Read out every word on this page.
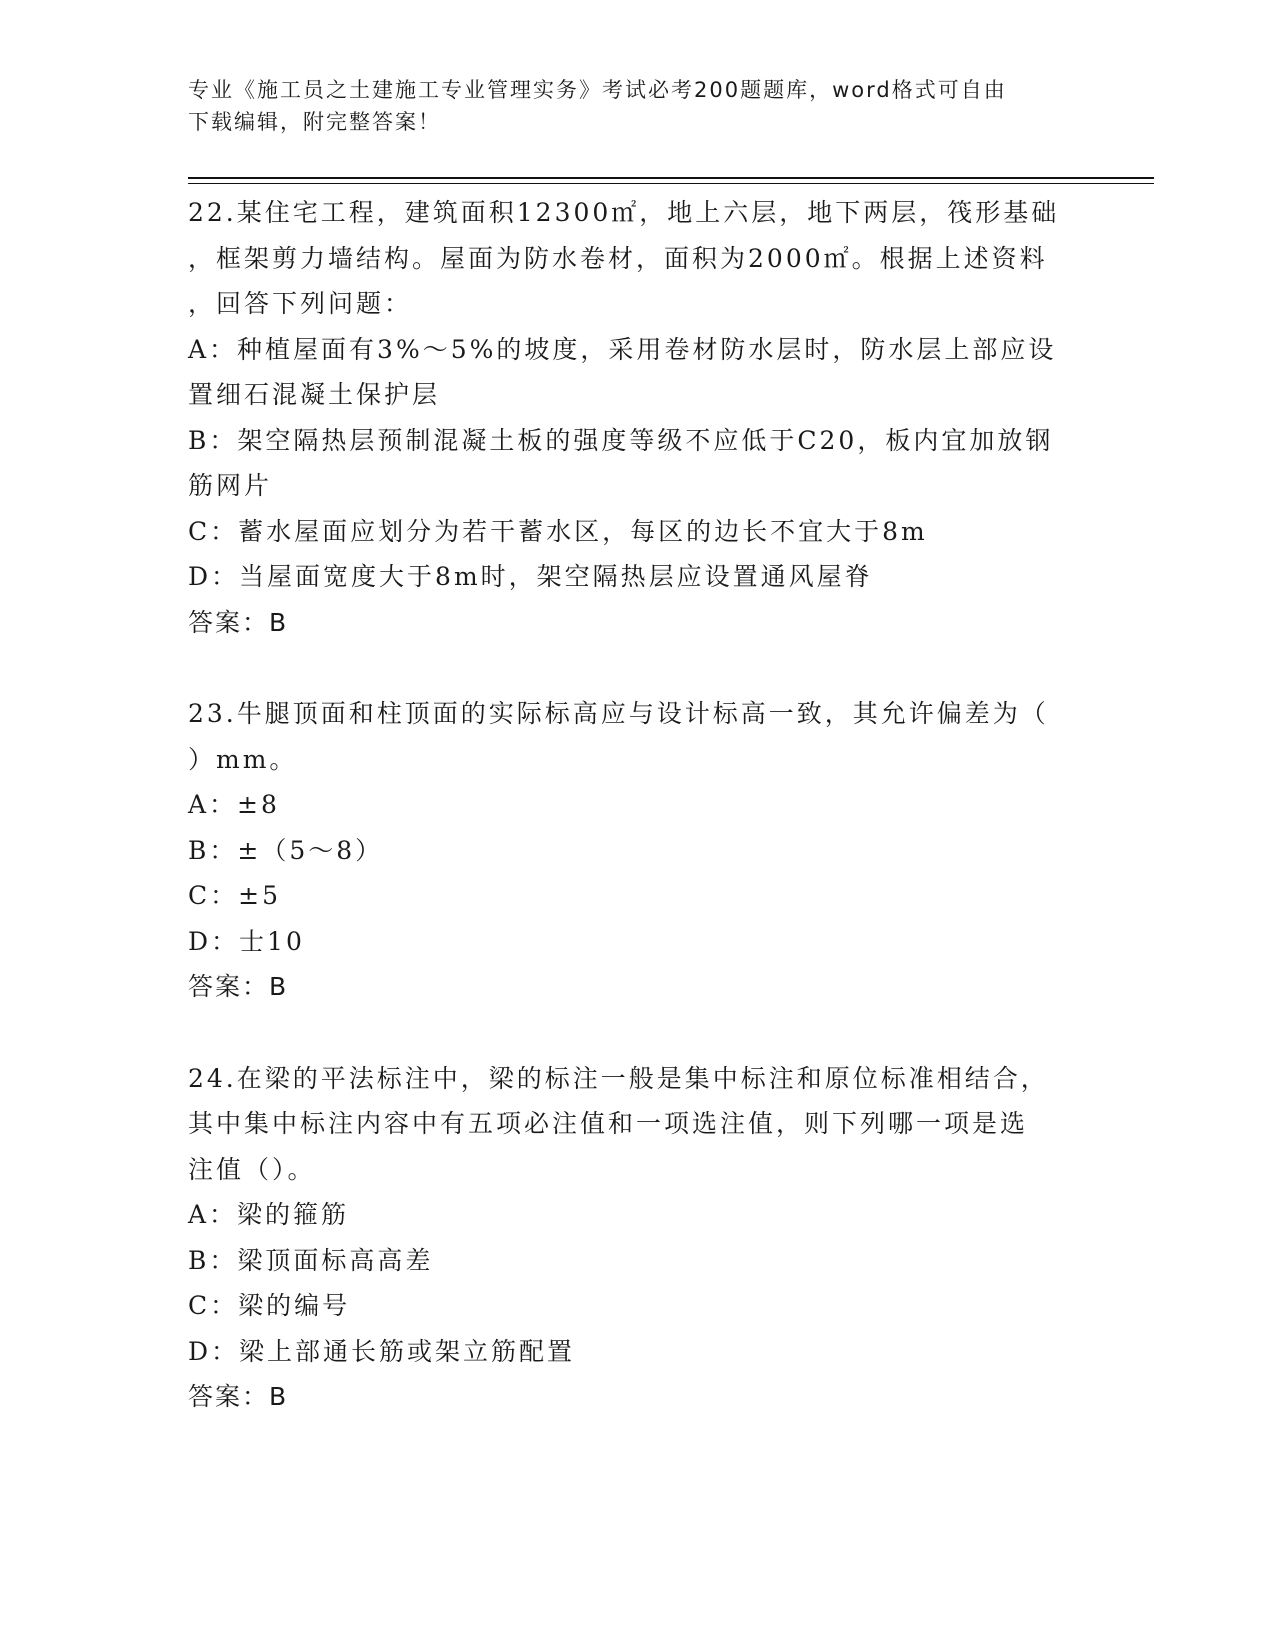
专业《施工员之土建施工专业管理实务》考试必考200题题库，word格式可自由
下载编辑，附完整答案！
22.某住宅工程，建筑面积12300㎡，地上六层，地下两层，筏形基础
，框架剪力墙结构。屋面为防水卷材，面积为2000㎡。根据上述资料
，回答下列问题：
A：种植屋面有3%～5%的坡度，采用卷材防水层时，防水层上部应设
置细石混凝土保护层
B：架空隔热层预制混凝土板的强度等级不应低于C20，板内宜加放钢
筋网片
C：蓄水屋面应划分为若干蓄水区，每区的边长不宜大于8m
D：当屋面宽度大于8m时，架空隔热层应设置通风屋脊
答案：B
23.牛腿顶面和柱顶面的实际标高应与设计标高一致，其允许偏差为（
）mm。
A：±8
B：±（5～8）
C：±5
D：士10
答案：B
24.在梁的平法标注中，梁的标注一般是集中标注和原位标准相结合，
其中集中标注内容中有五项必注值和一项选注值，则下列哪一项是选
注值（）。
A：梁的箍筋
B：梁顶面标高高差
C：梁的编号
D：梁上部通长筋或架立筋配置
答案：B
